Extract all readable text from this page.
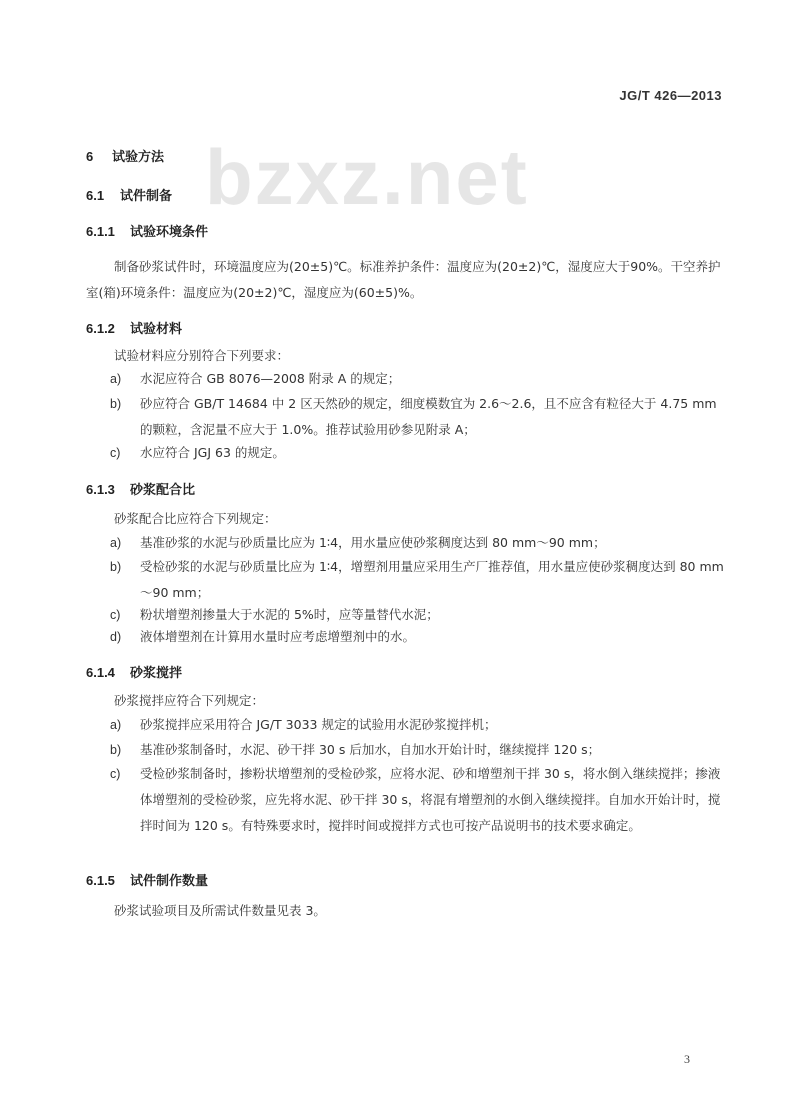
bzxz.net
JG/T 426—2013
6 试验方法
6.1 试件制备
6.1.1 试验环境条件
制备砂浆试件时，环境温度应为(20±5)℃。标准养护条件：温度应为(20±2)℃，湿度应大于90%。干空养护室(箱)环境条件：温度应为(20±2)℃，湿度应为(60±5)%。
6.1.2 试验材料
试验材料应分别符合下列要求：
a) 水泥应符合 GB 8076—2008 附录 A 的规定；
b) 砂应符合 GB/T 14684 中 2 区天然砂的规定，细度模数宜为 2.6～2.6，且不应含有粒径大于 4.75 mm 的颗粒，含泥量不应大于 1.0%。推荐试验用砂参见附录 A；
c) 水应符合 JGJ 63 的规定。
6.1.3 砂浆配合比
砂浆配合比应符合下列规定：
a) 基准砂浆的水泥与砂质量比应为 1∶4，用水量应使砂浆稠度达到 80 mm～90 mm；
b) 受检砂浆的水泥与砂质量比应为 1∶4，增塑剂用量应采用生产厂推荐值，用水量应使砂浆稠度达到 80 mm～90 mm；
c) 粉状增塑剂掺量大于水泥的 5%时，应等量替代水泥；
d) 液体增塑剂在计算用水量时应考虑增塑剂中的水。
6.1.4 砂浆搅拌
砂浆搅拌应符合下列规定：
a) 砂浆搅拌应采用符合 JG/T 3033 规定的试验用水泥砂浆搅拌机；
b) 基准砂浆制备时，水泥、砂干拌 30 s 后加水，自加水开始计时，继续搅拌 120 s；
c) 受检砂浆制备时，掺粉状增塑剂的受检砂浆，应将水泥、砂和增塑剂干拌 30 s，将水倒入继续搅拌；掺液体增塑剂的受检砂浆，应先将水泥、砂干拌 30 s，将混有增塑剂的水倒入继续搅拌。自加水开始计时，搅拌时间为 120 s。有特殊要求时，搅拌时间或搅拌方式也可按产品说明书的技术要求确定。
6.1.5 试件制作数量
砂浆试验项目及所需试件数量见表 3。
3
